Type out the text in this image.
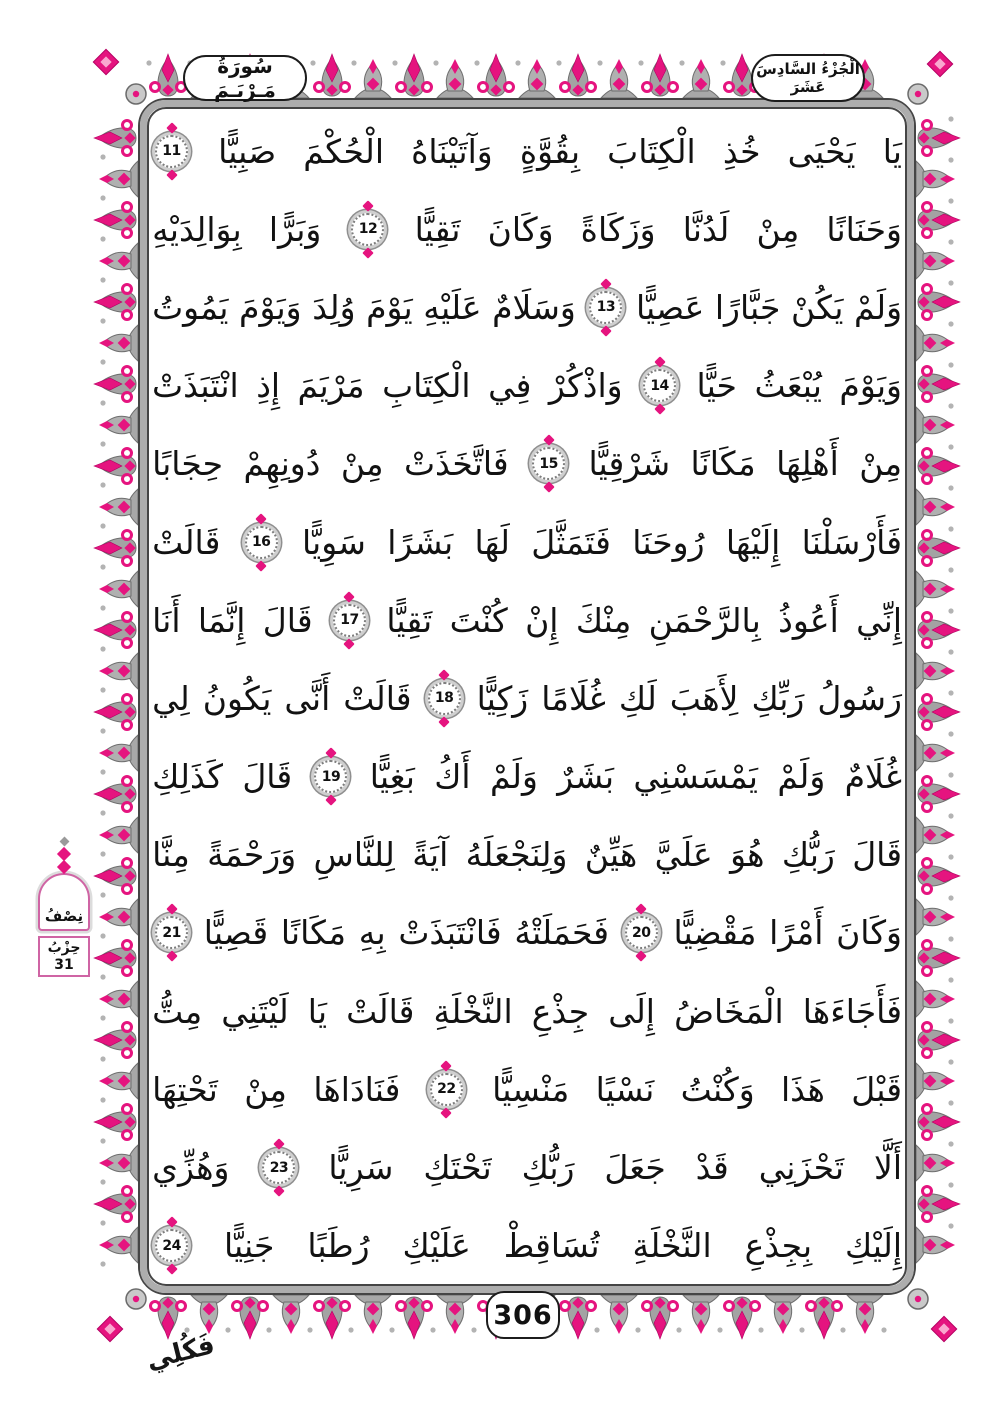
سُورَةُ مَـرْيَـمَ
الْجُزْءُ السَّادِسَ عَشَرَ
يَا
يَحْيَى
خُذِ
الْكِتَابَ
بِقُوَّةٍ
وَآتَيْنَاهُ
الْحُكْمَ
صَبِيًّا
11
وَحَنَانًا
مِنْ
لَدُنَّا
وَزَكَاةً
وَكَانَ
تَقِيًّا
12
وَبَرًّا
بِوَالِدَيْهِ
وَلَمْ
يَكُنْ
جَبَّارًا
عَصِيًّا
13
وَسَلَامٌ
عَلَيْهِ
يَوْمَ
وُلِدَ
وَيَوْمَ
يَمُوتُ
وَيَوْمَ
يُبْعَثُ
حَيًّا
14
وَاذْكُرْ
فِي
الْكِتَابِ
مَرْيَمَ
إِذِ
انْتَبَذَتْ
مِنْ
أَهْلِهَا
مَكَانًا
شَرْقِيًّا
15
فَاتَّخَذَتْ
مِنْ
دُونِهِمْ
حِجَابًا
فَأَرْسَلْنَا
إِلَيْهَا
رُوحَنَا
فَتَمَثَّلَ
لَهَا
بَشَرًا
سَوِيًّا
16
قَالَتْ
إِنِّي
أَعُوذُ
بِالرَّحْمَنِ
مِنْكَ
إِنْ
كُنْتَ
تَقِيًّا
17
قَالَ
إِنَّمَا
أَنَا
رَسُولُ
رَبِّكِ
لِأَهَبَ
لَكِ
غُلَامًا
زَكِيًّا
18
قَالَتْ
أَنَّى
يَكُونُ
لِي
غُلَامٌ
وَلَمْ
يَمْسَسْنِي
بَشَرٌ
وَلَمْ
أَكُ
بَغِيًّا
19
قَالَ
كَذَلِكِ
قَالَ
رَبُّكِ
هُوَ
عَلَيَّ
هَيِّنٌ
وَلِنَجْعَلَهُ
آيَةً
لِلنَّاسِ
وَرَحْمَةً
مِنَّا
وَكَانَ
أَمْرًا
مَقْضِيًّا
20
فَحَمَلَتْهُ
فَانْتَبَذَتْ
بِهِ
مَكَانًا
قَصِيًّا
21
فَأَجَاءَهَا
الْمَخَاضُ
إِلَى
جِذْعِ
النَّخْلَةِ
قَالَتْ
يَا
لَيْتَنِي
مِتُّ
قَبْلَ
هَذَا
وَكُنْتُ
نَسْيًا
مَنْسِيًّا
22
فَنَادَاهَا
مِنْ
تَحْتِهَا
أَلَّا
تَحْزَنِي
قَدْ
جَعَلَ
رَبُّكِ
تَحْتَكِ
سَرِيًّا
23
وَهُزِّي
إِلَيْكِ
بِجِذْعِ
النَّخْلَةِ
تُسَاقِطْ
عَلَيْكِ
رُطَبًا
جَنِيًّا
24
نِصْفُ
حِزْبُ
31
306
فَكُلِي
